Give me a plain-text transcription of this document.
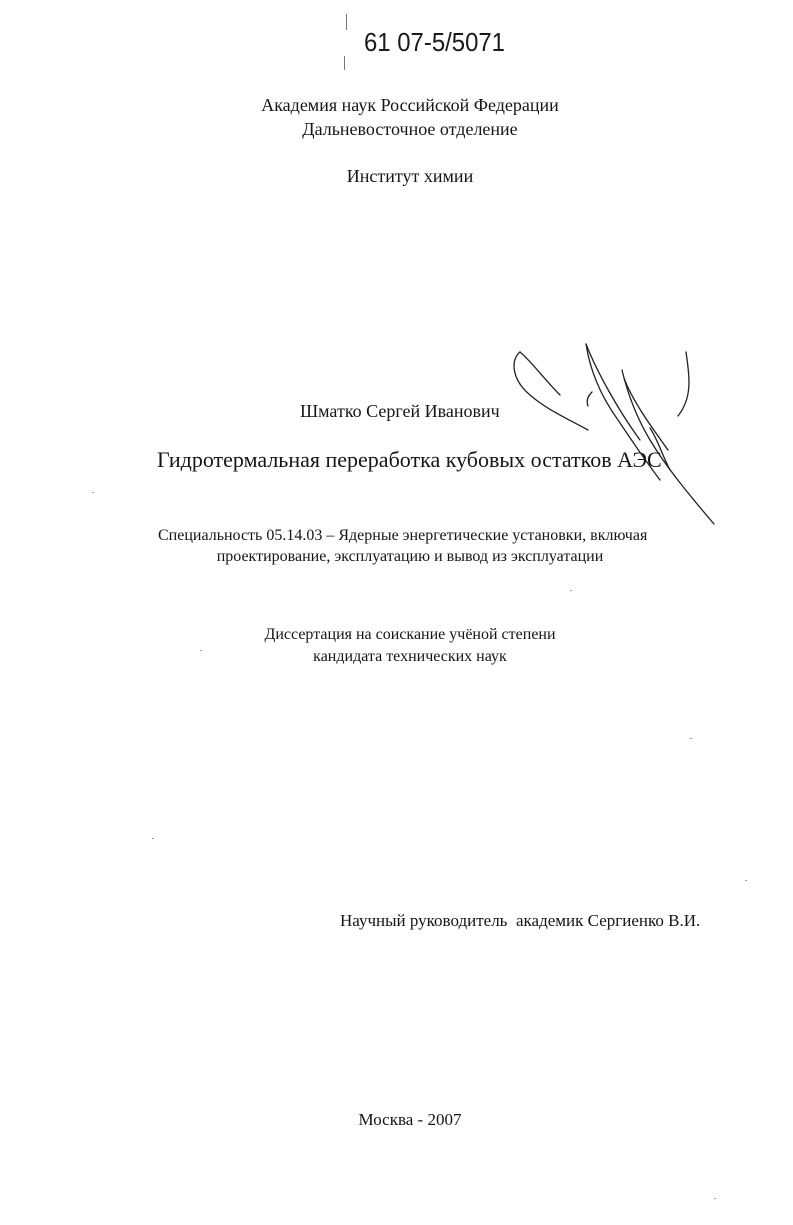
61 07-5/5071
Академия наук Российской Федерации
Дальневосточное отделение
Институт химии
Шматко Сергей Иванович
Гидротермальная переработка кубовых остатков АЭС
Специальность 05.14.03 – Ядерные энергетические установки, включая
проектирование, эксплуатацию и вывод из эксплуатации
Диссертация на соискание учёной степени
кандидата технических наук
Научный руководитель академик Сергиенко В.И.
Москва - 2007
